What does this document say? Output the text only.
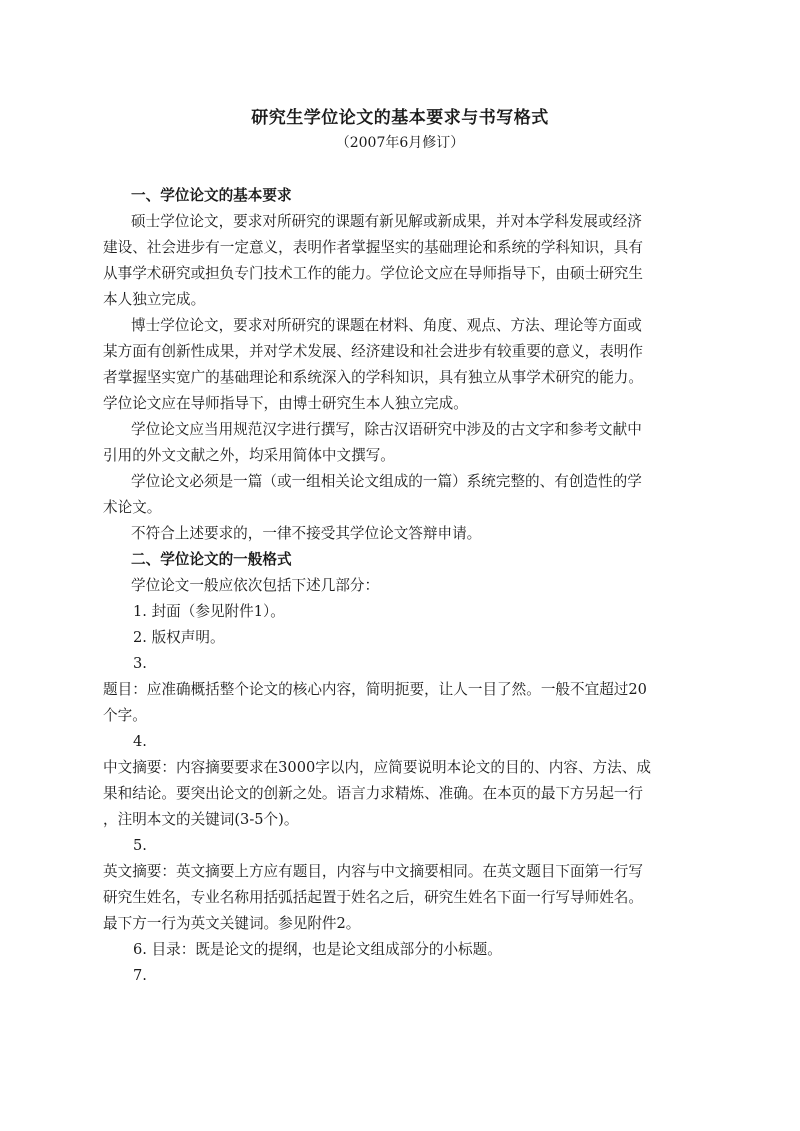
研究生学位论文的基本要求与书写格式
（2007年6月修订）
一、学位论文的基本要求
硕士学位论文，要求对所研究的课题有新见解或新成果，并对本学科发展或经济
建设、社会进步有一定意义，表明作者掌握坚实的基础理论和系统的学科知识，具有
从事学术研究或担负专门技术工作的能力。学位论文应在导师指导下，由硕士研究生
本人独立完成。
博士学位论文，要求对所研究的课题在材料、角度、观点、方法、理论等方面或
某方面有创新性成果，并对学术发展、经济建设和社会进步有较重要的意义，表明作
者掌握坚实宽广的基础理论和系统深入的学科知识，具有独立从事学术研究的能力。
学位论文应在导师指导下，由博士研究生本人独立完成。
学位论文应当用规范汉字进行撰写，除古汉语研究中涉及的古文字和参考文献中
引用的外文文献之外，均采用简体中文撰写。
学位论文必须是一篇（或一组相关论文组成的一篇）系统完整的、有创造性的学
术论文。
不符合上述要求的，一律不接受其学位论文答辩申请。
二、学位论文的一般格式
学位论文一般应依次包括下述几部分：
1. 封面（参见附件1）。
2. 版权声明。
3.
题目：应准确概括整个论文的核心内容，简明扼要，让人一目了然。一般不宜超过20
个字。
4.
中文摘要：内容摘要要求在3000字以内，应简要说明本论文的目的、内容、方法、成
果和结论。要突出论文的创新之处。语言力求精炼、准确。在本页的最下方另起一行
，注明本文的关键词(3-5个)。
5.
英文摘要：英文摘要上方应有题目，内容与中文摘要相同。在英文题目下面第一行写
研究生姓名，专业名称用括弧括起置于姓名之后，研究生姓名下面一行写导师姓名。
最下方一行为英文关键词。参见附件2。
6. 目录：既是论文的提纲，也是论文组成部分的小标题。
7.
